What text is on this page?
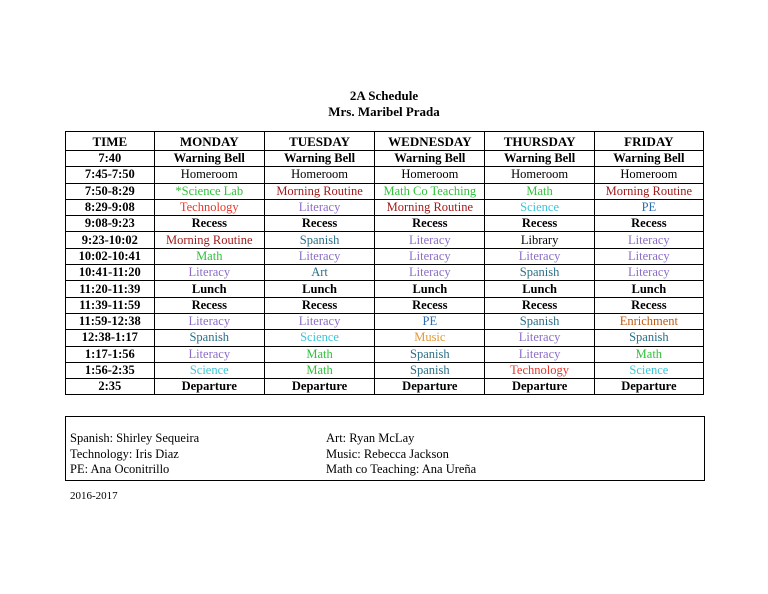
2A Schedule
Mrs. Maribel Prada
TIME	MONDAY	TUESDAY	WEDNESDAY	THURSDAY	FRIDAY
7:40	Warning Bell	Warning Bell	Warning Bell	Warning Bell	Warning Bell
7:45-7:50	Homeroom	Homeroom	Homeroom	Homeroom	Homeroom
7:50-8:29	*Science Lab	Morning Routine	Math Co Teaching	Math	Morning Routine
8:29-9:08	Technology	Literacy	Morning Routine	Science	PE
9:08-9:23	Recess	Recess	Recess	Recess	Recess
9:23-10:02	Morning Routine	Spanish	Literacy	Library	Literacy
10:02-10:41	Math	Literacy	Literacy	Literacy	Literacy
10:41-11:20	Literacy	Art	Literacy	Spanish	Literacy
11:20-11:39	Lunch	Lunch	Lunch	Lunch	Lunch
11:39-11:59	Recess	Recess	Recess	Recess	Recess
11:59-12:38	Literacy	Literacy	PE	Spanish	Enrichment
12:38-1:17	Spanish	Science	Music	Literacy	Spanish
1:17-1:56	Literacy	Math	Spanish	Literacy	Math
1:56-2:35	Science	Math	Spanish	Technology	Science
2:35	Departure	Departure	Departure	Departure	Departure
Spanish: Shirley Sequeira
Technology: Iris Diaz
PE: Ana Oconitrillo
Art: Ryan McLay
Music: Rebecca Jackson
Math co Teaching: Ana Ureña
2016-2017
